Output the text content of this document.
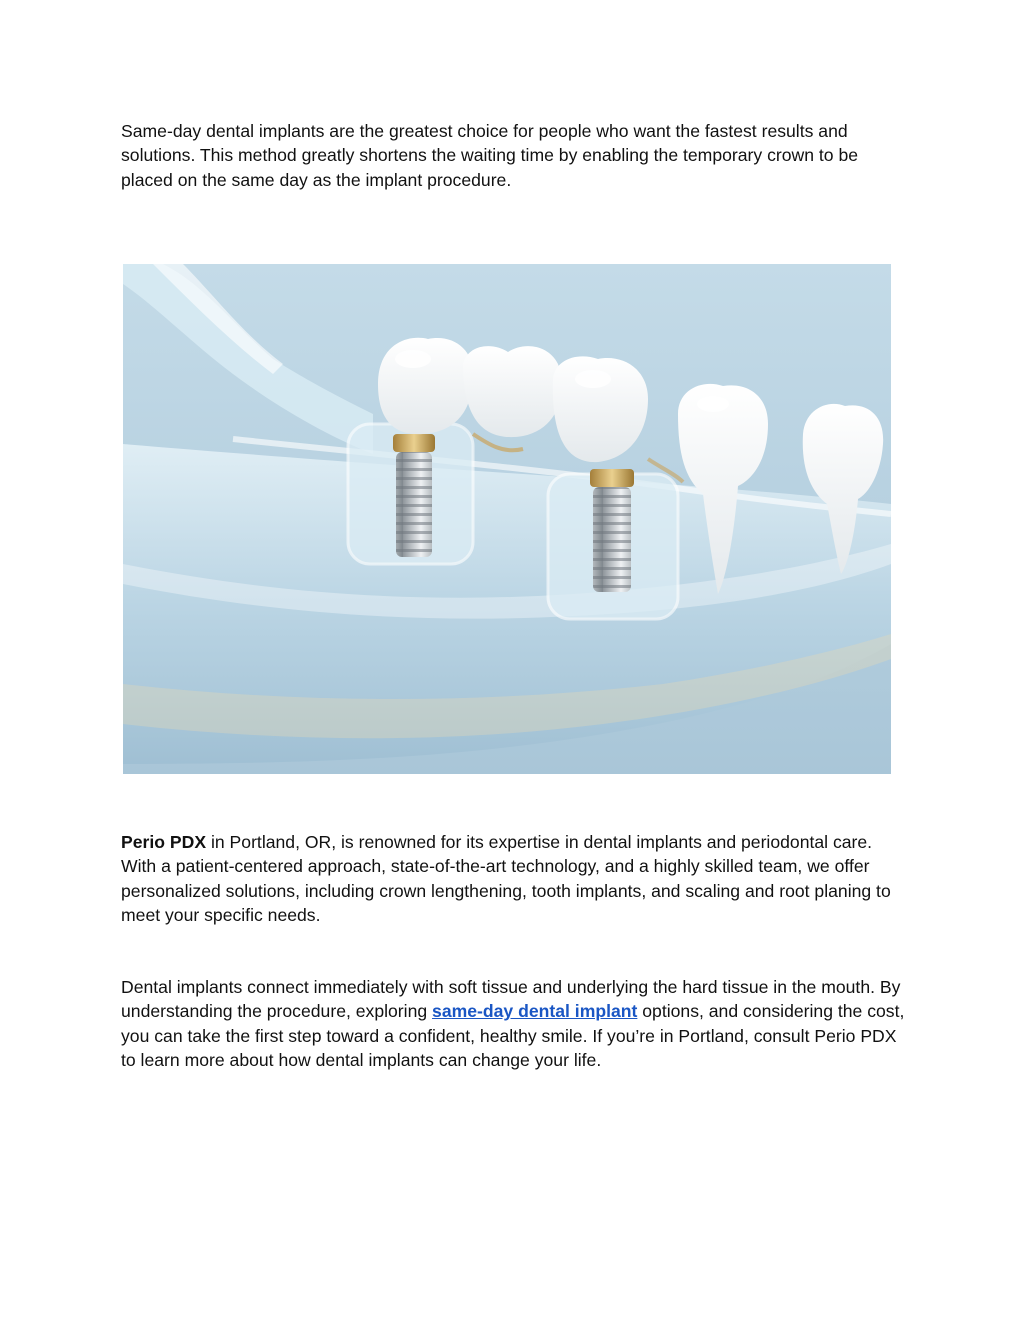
Same-day dental implants are the greatest choice for people who want the fastest results and solutions. This method greatly shortens the waiting time by enabling the temporary crown to be placed on the same day as the implant procedure.

Perio PDX in Portland, OR, is renowned for its expertise in dental implants and periodontal care. With a patient-centered approach, state-of-the-art technology, and a highly skilled team, we offer personalized solutions, including crown lengthening, tooth implants, and scaling and root planing to meet your specific needs.

Dental implants connect immediately with soft tissue and underlying the hard tissue in the mouth. By understanding the procedure, exploring same-day dental implant options, and considering the cost, you can take the first step toward a confident, healthy smile. If you’re in Portland, consult Perio PDX to learn more about how dental implants can change your life.
